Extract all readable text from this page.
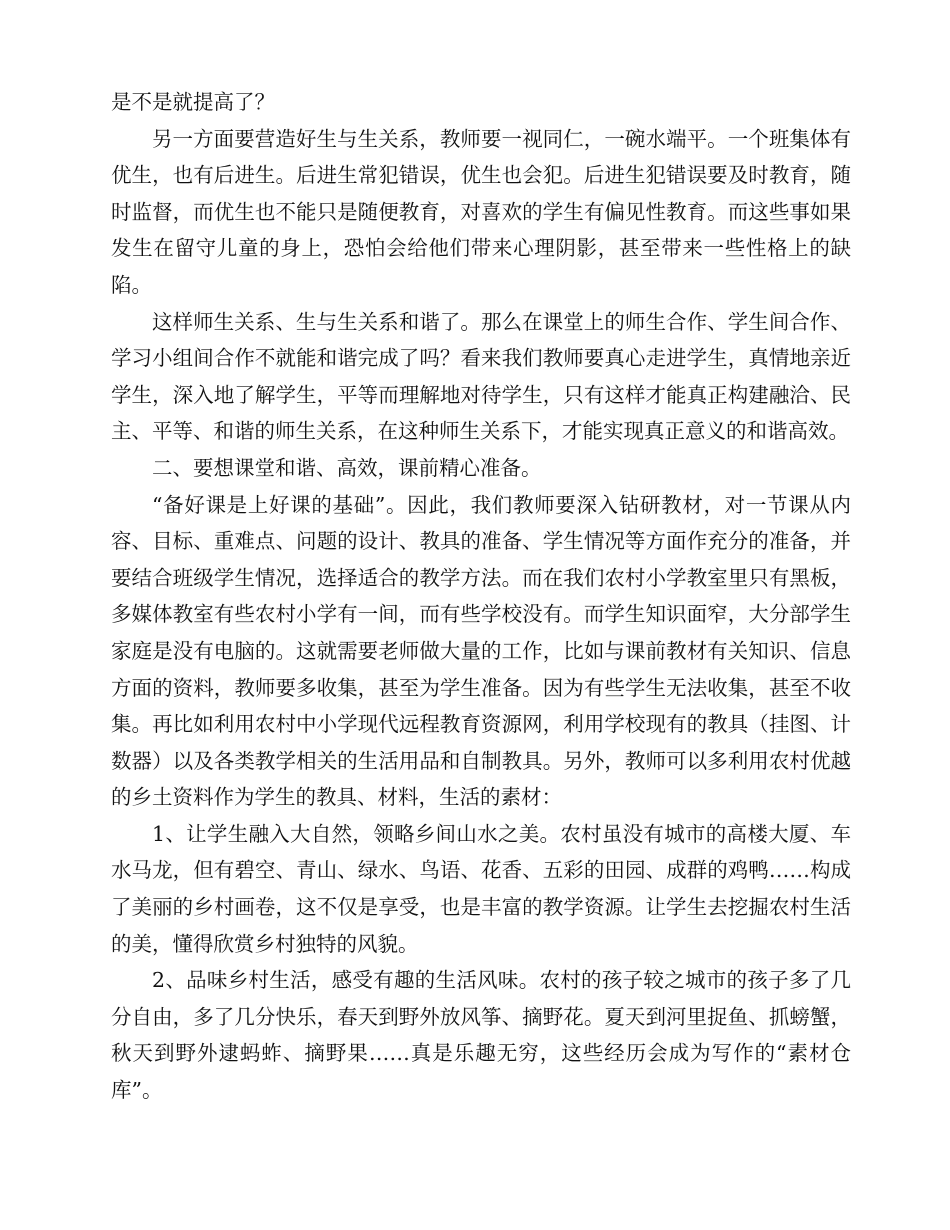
是不是就提高了？

另一方面要营造好生与生关系，教师要一视同仁，一碗水端平。一个班集体有优生，也有后进生。后进生常犯错误，优生也会犯。后进生犯错误要及时教育，随时监督，而优生也不能只是随便教育，对喜欢的学生有偏见性教育。而这些事如果发生在留守儿童的身上，恐怕会给他们带来心理阴影，甚至带来一些性格上的缺陷。

这样师生关系、生与生关系和谐了。那么在课堂上的师生合作、学生间合作、学习小组间合作不就能和谐完成了吗？看来我们教师要真心走进学生，真情地亲近学生，深入地了解学生，平等而理解地对待学生，只有这样才能真正构建融洽、民主、平等、和谐的师生关系，在这种师生关系下，才能实现真正意义的和谐高效。

二、要想课堂和谐、高效，课前精心准备。

“备好课是上好课的基础”。因此，我们教师要深入钻研教材，对一节课从内容、目标、重难点、问题的设计、教具的准备、学生情况等方面作充分的准备，并要结合班级学生情况，选择适合的教学方法。而在我们农村小学教室里只有黑板，多媒体教室有些农村小学有一间，而有些学校没有。而学生知识面窄，大分部学生家庭是没有电脑的。这就需要老师做大量的工作，比如与课前教材有关知识、信息方面的资料，教师要多收集，甚至为学生准备。因为有些学生无法收集，甚至不收集。再比如利用农村中小学现代远程教育资源网，利用学校现有的教具（挂图、计数器）以及各类教学相关的生活用品和自制教具。另外，教师可以多利用农村优越的乡土资料作为学生的教具、材料，生活的素材：

1、让学生融入大自然，领略乡间山水之美。农村虽没有城市的高楼大厦、车水马龙，但有碧空、青山、绿水、鸟语、花香、五彩的田园、成群的鸡鸭……构成了美丽的乡村画卷，这不仅是享受，也是丰富的教学资源。让学生去挖掘农村生活的美，懂得欣赏乡村独特的风貌。

2、品味乡村生活，感受有趣的生活风味。农村的孩子较之城市的孩子多了几分自由，多了几分快乐，春天到野外放风筝、摘野花。夏天到河里捉鱼、抓螃蟹，秋天到野外逮蚂蚱、摘野果……真是乐趣无穷，这些经历会成为写作的“素材仓库”。
